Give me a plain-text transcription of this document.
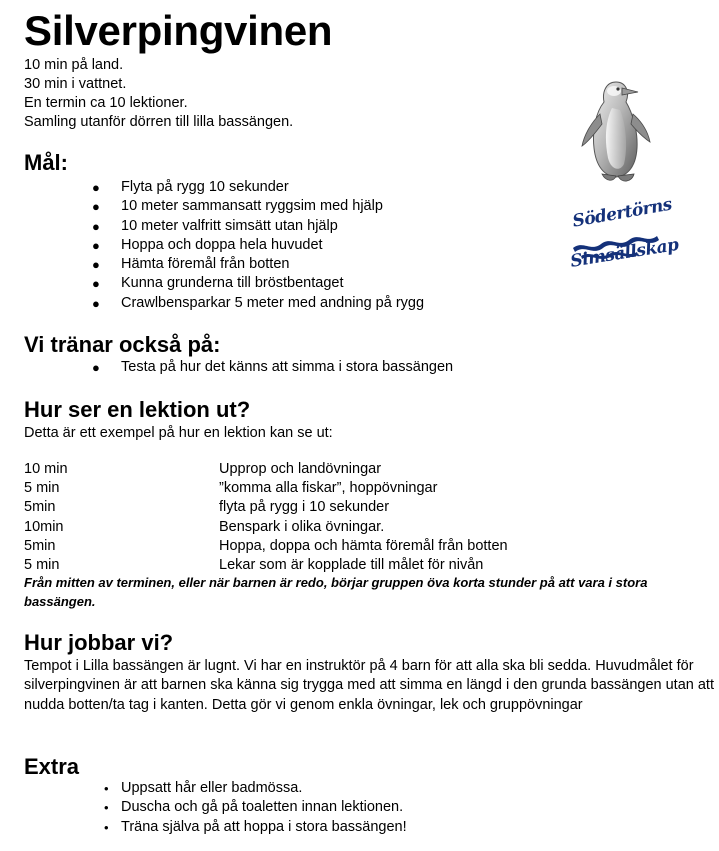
Silverpingvinen
10 min på land.
30 min i vattnet.
En termin ca 10 lektioner.
Samling utanför dörren till lilla bassängen.
Södertörns
Simsällskap
Mål:
● Flyta på rygg 10 sekunder
● 10 meter sammansatt ryggsim med hjälp
● 10 meter valfritt simsätt utan hjälp
● Hoppa och doppa hela huvudet
● Hämta föremål från botten
● Kunna grunderna till bröstbentaget
● Crawlbensparkar 5 meter med andning på rygg
Vi tränar också på:
● Testa på hur det känns att simma i stora bassängen
Hur ser en lektion ut?
Detta är ett exempel på hur en lektion kan se ut:
10 min	Upprop och landövningar
5 min	”komma alla fiskar”, hoppövningar
5min	flyta på rygg i 10 sekunder
10min	Benspark i olika övningar.
5min	Hoppa, doppa och hämta föremål från botten
5 min	Lekar som är kopplade till målet för nivån
Från mitten av terminen, eller när barnen är redo, börjar gruppen öva korta stunder på att vara i stora bassängen.
Hur jobbar vi?
Tempot i Lilla bassängen är lugnt. Vi har en instruktör på 4 barn för att alla ska bli sedda. Huvudmålet för silverpingvinen är att barnen ska känna sig trygga med att simma en längd i den grunda bassängen utan att nudda botten/ta tag i kanten. Detta gör vi genom enkla övningar, lek och gruppövningar
Extra
• Uppsatt hår eller badmössa.
• Duscha och gå på toaletten innan lektionen.
• Träna själva på att hoppa i stora bassängen!
